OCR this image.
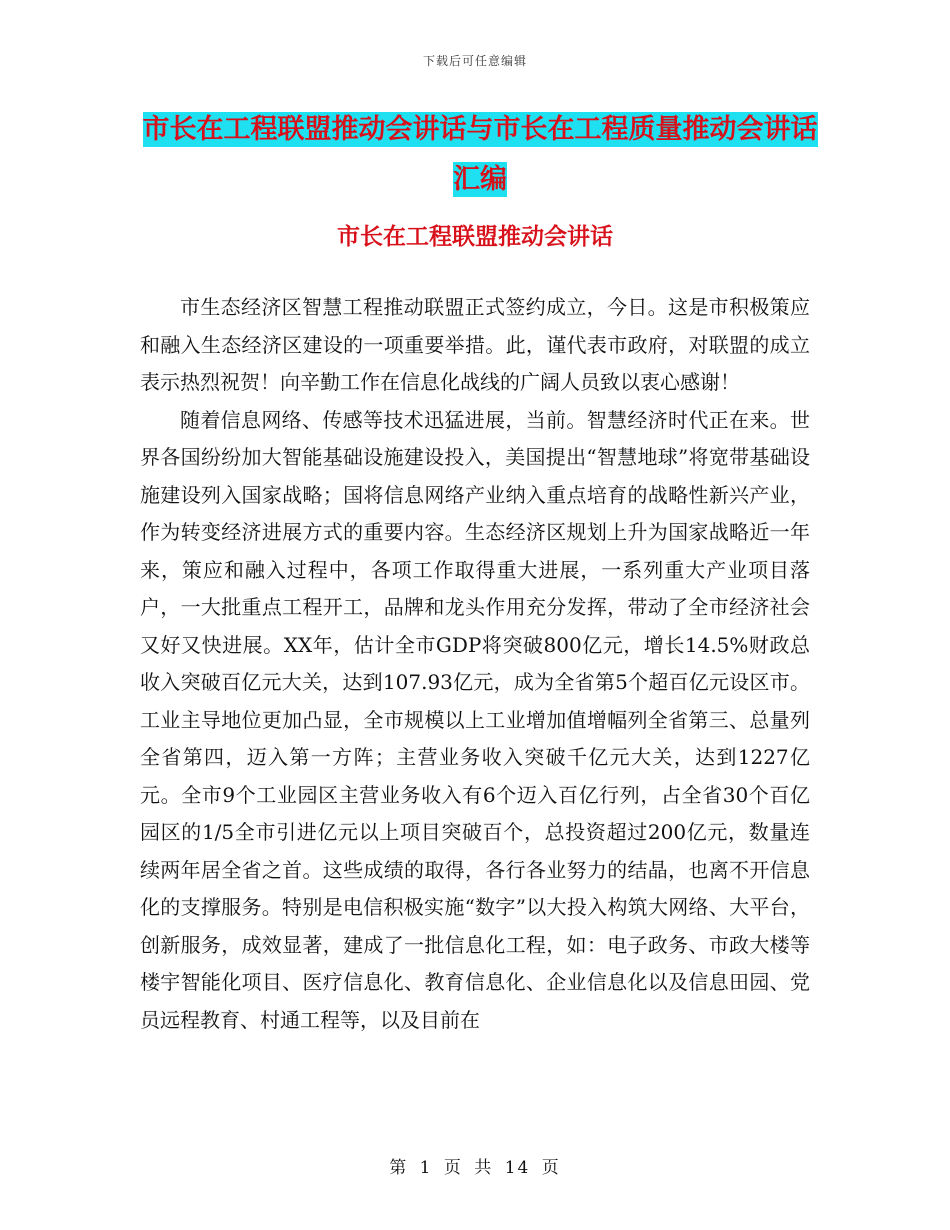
下载后可任意编辑
市长在工程联盟推动会讲话与市长在工程质量推动会讲话汇编
市长在工程联盟推动会讲话

市生态经济区智慧工程推动联盟正式签约成立，今日。这是市积极策应和融入生态经济区建设的一项重要举措。此，谨代表市政府，对联盟的成立表示热烈祝贺！向辛勤工作在信息化战线的广阔人员致以衷心感谢！

随着信息网络、传感等技术迅猛进展，当前。智慧经济时代正在来。世界各国纷纷加大智能基础设施建设投入，美国提出“智慧地球”将宽带基础设施建设列入国家战略；国将信息网络产业纳入重点培育的战略性新兴产业，作为转变经济进展方式的重要内容。生态经济区规划上升为国家战略近一年来，策应和融入过程中，各项工作取得重大进展，一系列重大产业项目落户，一大批重点工程开工，品牌和龙头作用充分发挥，带动了全市经济社会又好又快进展。XX年，估计全市GDP将突破800亿元，增长14.5%财政总收入突破百亿元大关，达到107.93亿元，成为全省第5个超百亿元设区市。工业主导地位更加凸显，全市规模以上工业增加值增幅列全省第三、总量列全省第四，迈入第一方阵；主营业务收入突破千亿元大关，达到1227亿元。全市9个工业园区主营业务收入有6个迈入百亿行列，占全省30个百亿园区的1/5全市引进亿元以上项目突破百个，总投资超过200亿元，数量连续两年居全省之首。这些成绩的取得，各行各业努力的结晶，也离不开信息化的支撑服务。特别是电信积极实施“数字”以大投入构筑大网络、大平台，创新服务，成效显著，建成了一批信息化工程，如：电子政务、市政大楼等楼宇智能化项目、医疗信息化、教育信息化、企业信息化以及信息田园、党员远程教育、村通工程等，以及目前在

第 1 页 共 14 页
